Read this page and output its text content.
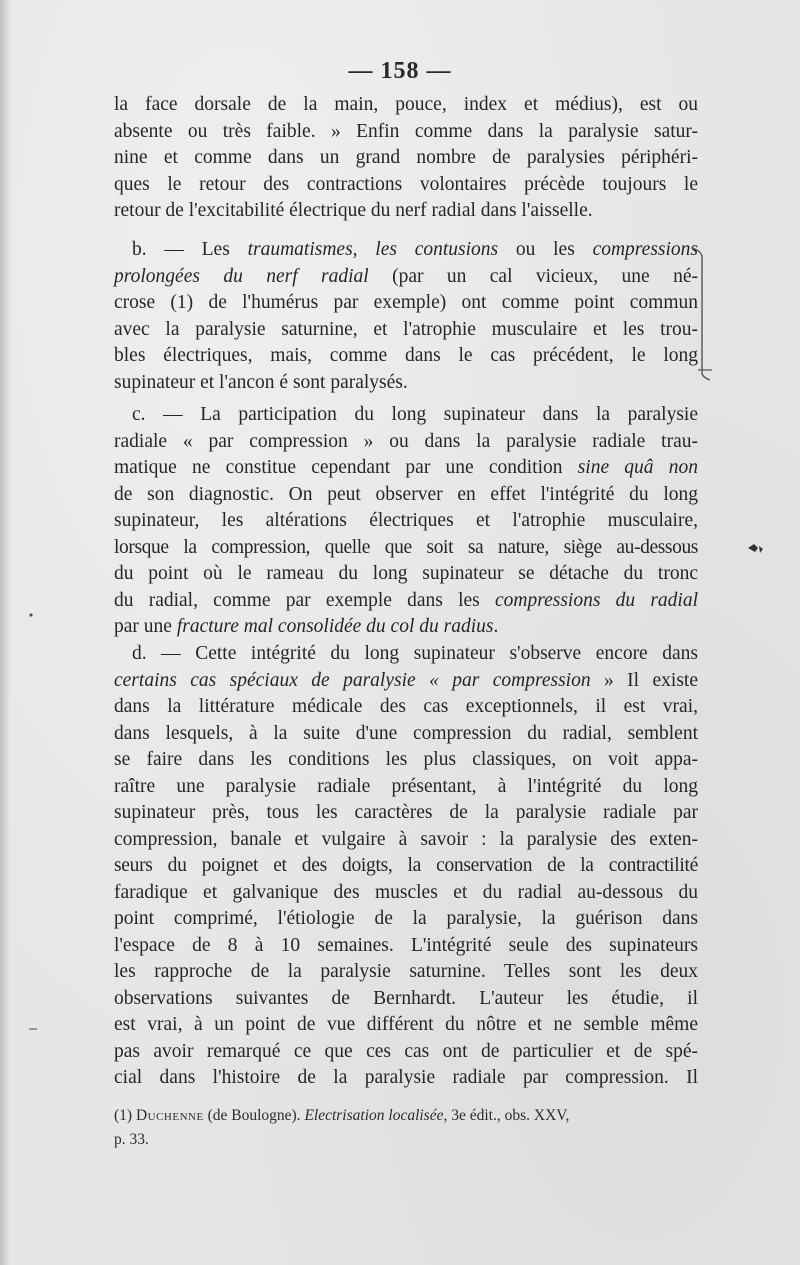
— 158 —
la face dorsale de la main, pouce, index et médius), est ou
absente ou très faible. » Enfin comme dans la paralysie satur-
nine et comme dans un grand nombre de paralysies périphéri-
ques le retour des contractions volontaires précède toujours le
retour de l'excitabilité électrique du nerf radial dans l'aisselle.
b. — Les traumatismes, les contusions ou les compressions
prolongées du nerf radial (par un cal vicieux, une né-
crose (1) de l'humérus par exemple) ont comme point commun
avec la paralysie saturnine, et l'atrophie musculaire et les trou-
bles électriques, mais, comme dans le cas précédent, le long
supinateur et l'ancon é sont paralysés.
c. — La participation du long supinateur dans la paralysie
radiale « par compression » ou dans la paralysie radiale trau-
matique ne constitue cependant par une condition sine quâ non
de son diagnostic. On peut observer en effet l'intégrité du long
supinateur, les altérations électriques et l'atrophie musculaire,
lorsque la compression, quelle que soit sa nature, siège au-dessous
du point où le rameau du long supinateur se détache du tronc
du radial, comme par exemple dans les compressions du radial
par une fracture mal consolidée du col du radius.
d. — Cette intégrité du long supinateur s'observe encore dans
certains cas spéciaux de paralysie « par compression » Il existe
dans la littérature médicale des cas exceptionnels, il est vrai,
dans lesquels, à la suite d'une compression du radial, semblent
se faire dans les conditions les plus classiques, on voit appa-
raître une paralysie radiale présentant, à l'intégrité du long
supinateur près, tous les caractères de la paralysie radiale par
compression, banale et vulgaire à savoir : la paralysie des exten-
seurs du poignet et des doigts, la conservation de la contractilité
faradique et galvanique des muscles et du radial au-dessous du
point comprimé, l'étiologie de la paralysie, la guérison dans
l'espace de 8 à 10 semaines. L'intégrité seule des supinateurs
les rapproche de la paralysie saturnine. Telles sont les deux
observations suivantes de Bernhardt. L'auteur les étudie, il
est vrai, à un point de vue différent du nôtre et ne semble même
pas avoir remarqué ce que ces cas ont de particulier et de spé-
cial dans l'histoire de la paralysie radiale par compression. Il
(1) Duchenne (de Boulogne). Electrisation localisée, 3e édit., obs. XXV,
p. 33.
